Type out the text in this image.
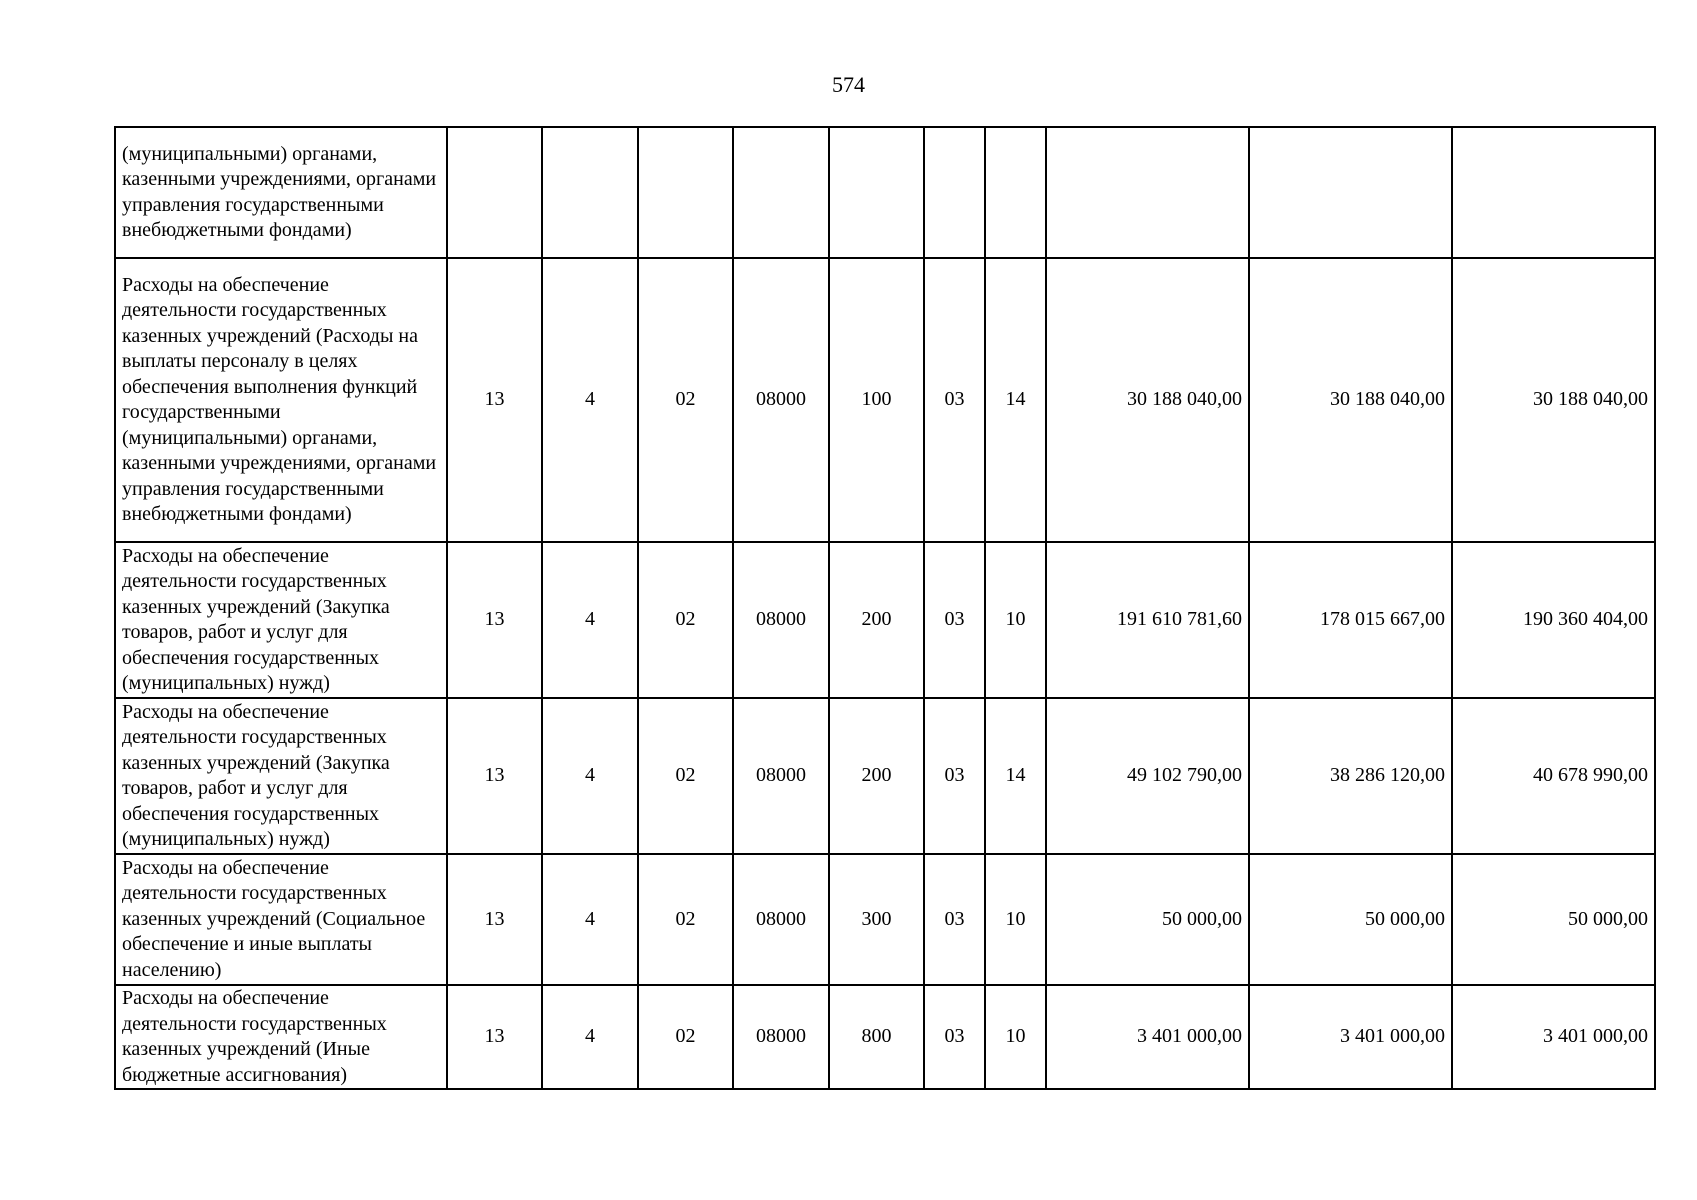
574
(муниципальными) органами, казенными учреждениями, органами управления государственными внебюджетными фондами)										
Расходы на обеспечение деятельности государственных казенных учреждений (Расходы на выплаты персоналу в целях обеспечения выполнения функций государственными (муниципальными) органами, казенными учреждениями, органами управления государственными внебюджетными фондами)	13	4	02	08000	100	03	14	30 188 040,00	30 188 040,00	30 188 040,00
Расходы на обеспечение деятельности государственных казенных учреждений (Закупка товаров, работ и услуг для обеспечения государственных (муниципальных) нужд)	13	4	02	08000	200	03	10	191 610 781,60	178 015 667,00	190 360 404,00
Расходы на обеспечение деятельности государственных казенных учреждений (Закупка товаров, работ и услуг для обеспечения государственных (муниципальных) нужд)	13	4	02	08000	200	03	14	49 102 790,00	38 286 120,00	40 678 990,00
Расходы на обеспечение деятельности государственных казенных учреждений (Социальное обеспечение и иные выплаты населению)	13	4	02	08000	300	03	10	50 000,00	50 000,00	50 000,00
Расходы на обеспечение деятельности государственных казенных учреждений (Иные бюджетные ассигнования)	13	4	02	08000	800	03	10	3 401 000,00	3 401 000,00	3 401 000,00
